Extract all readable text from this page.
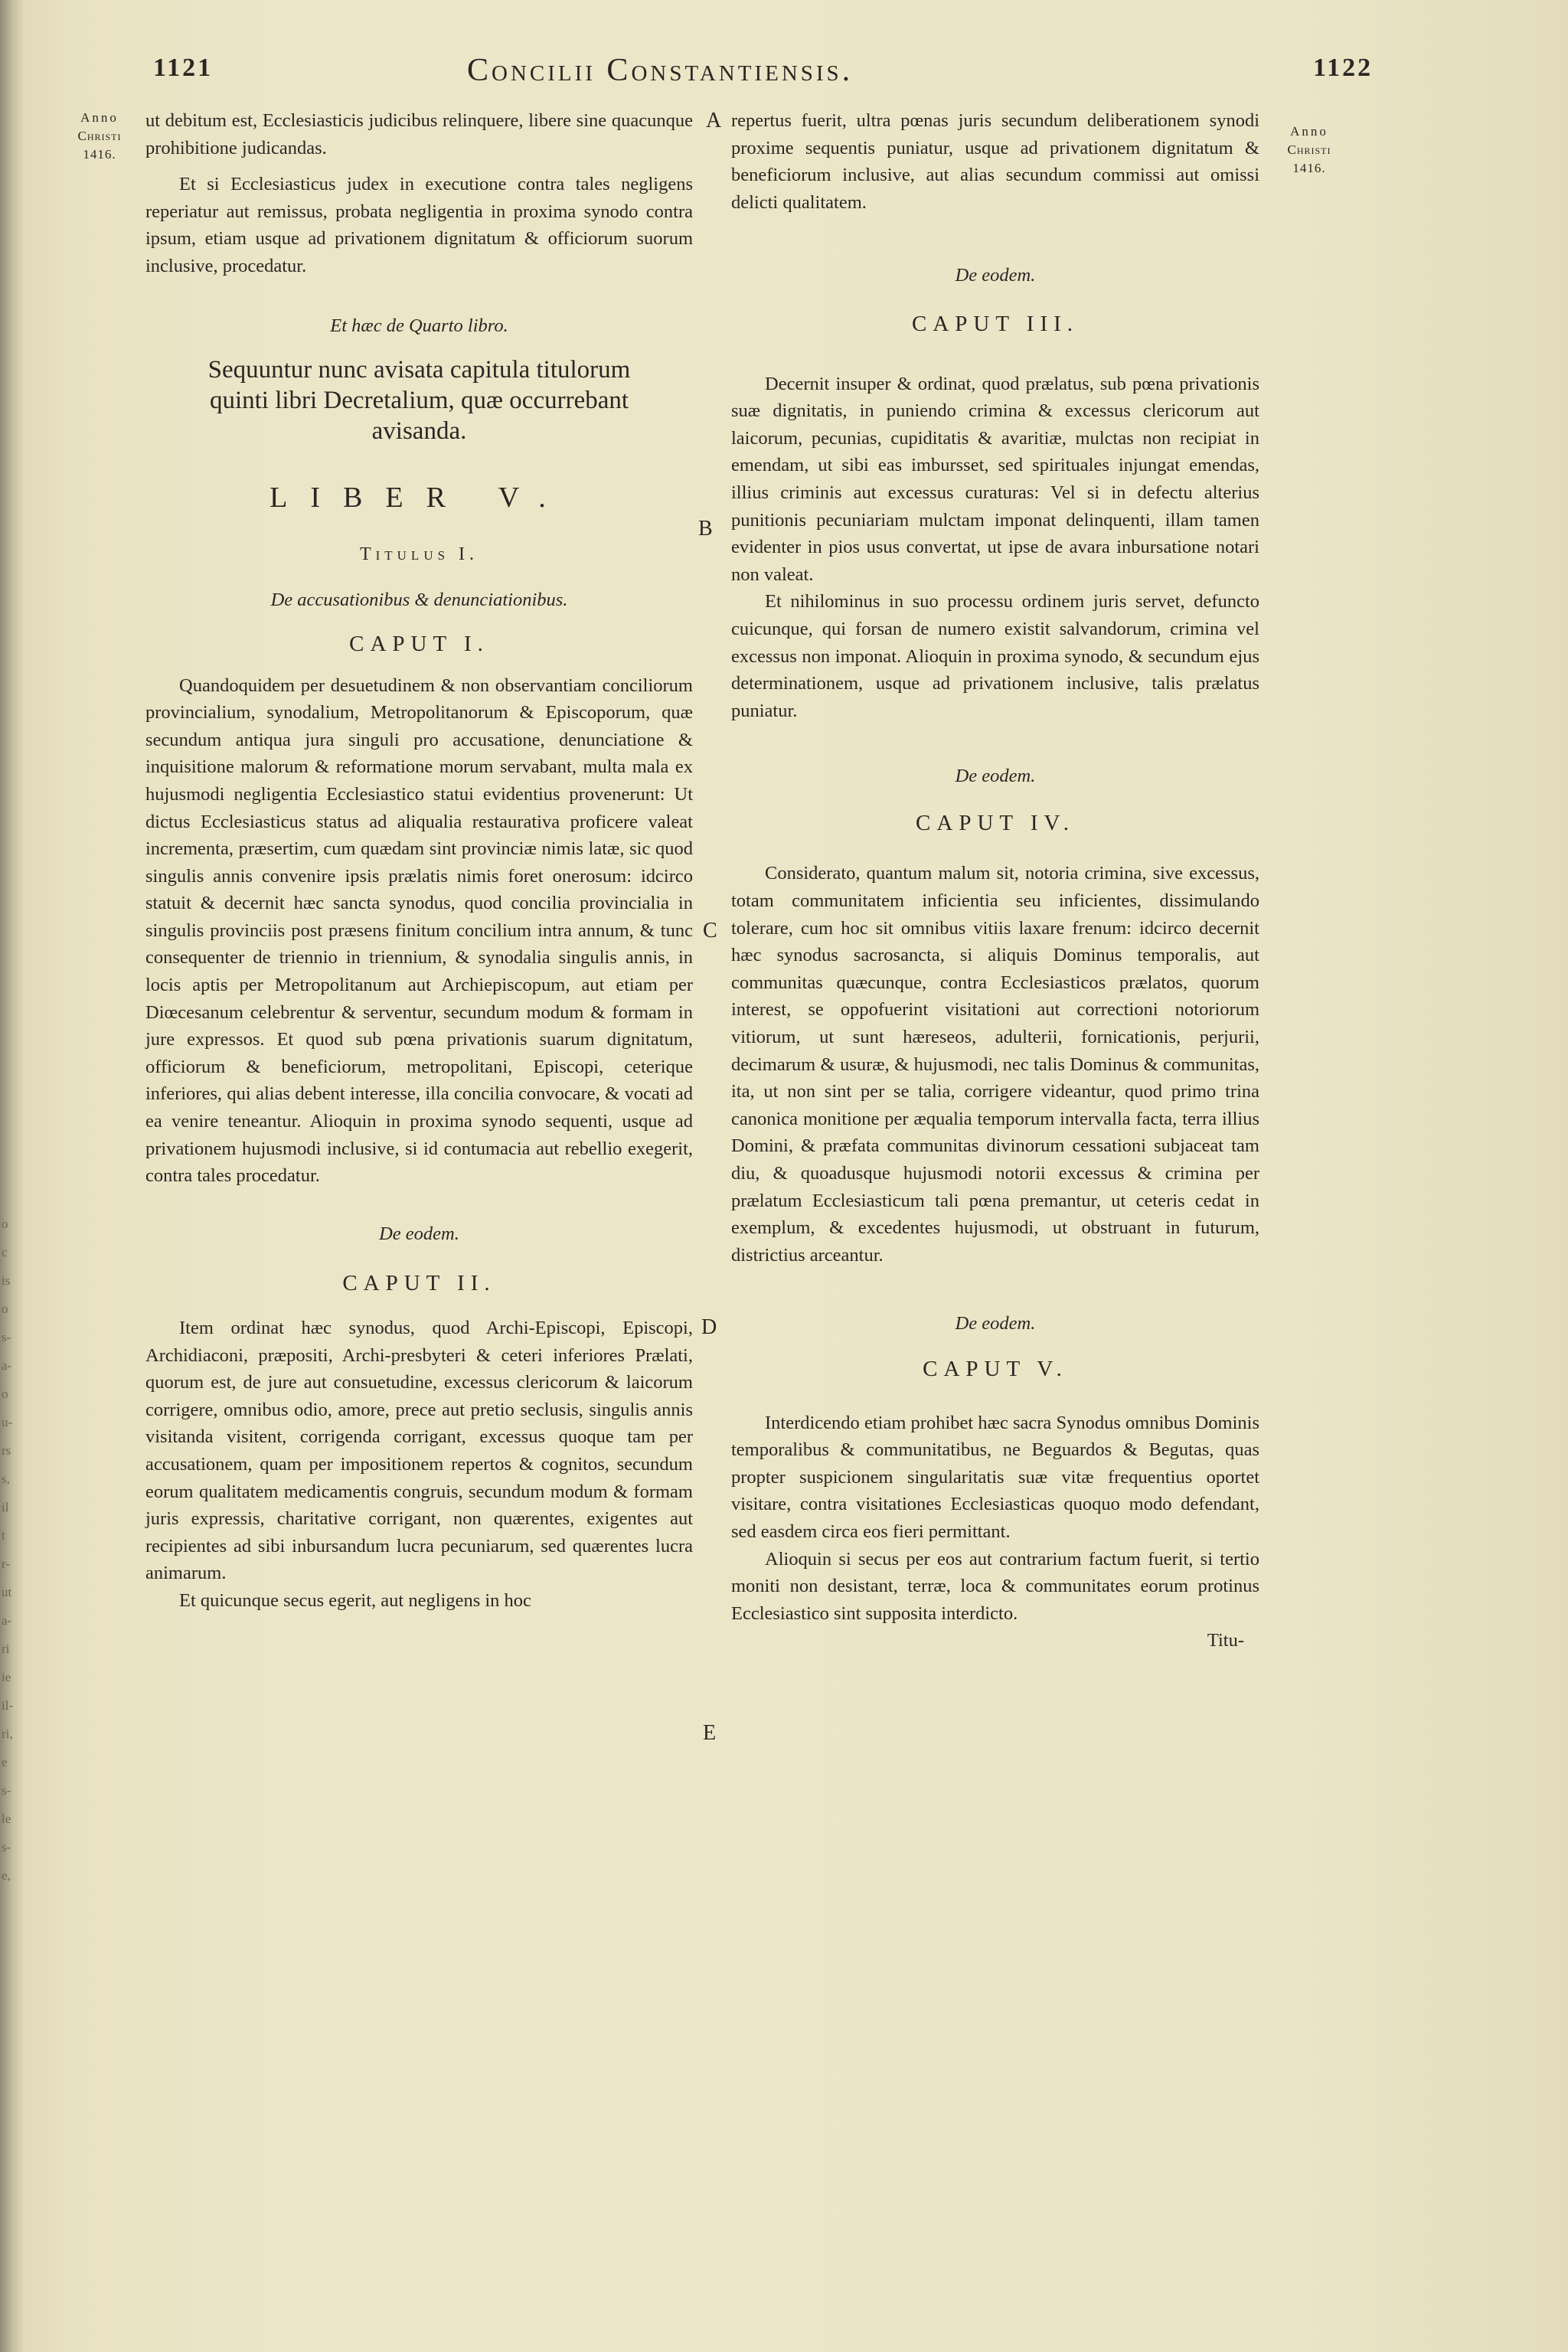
o
c
is
o
s-
a-
o
u-
rs
s,
il
t
r-
ut
a-
ri
ie
il-
ri,
e
s-
le
s-
e,
1121	Concilii Constantiensis.	1122
Anno
Christi
1416.
Anno
Christi
1416.
A
B
C
D
E

ut debitum est, Ecclesiasticis judicibus relinquere, libere sine quacunque prohibitione judicandas.

Et si Ecclesiasticus judex in executione contra tales negligens reperiatur aut remissus, probata negligentia in proxima synodo contra ipsum, etiam usque ad privationem dignitatum & officiorum suorum inclusive, procedatur.

Et hæc de Quarto libro.

Sequuntur nunc avisata capitula titulorum quinti libri Decretalium, quæ occurrebant avisanda.

LIBER V.

Titulus I.

De accusationibus & denunciationibus.

CAPUT I.

Quandoquidem per desuetudinem & non observantiam conciliorum provincialium, synodalium, Metropolitanorum & Episcoporum, quæ secundum antiqua jura singuli pro accusatione, denunciatione & inquisitione malorum & reformatione morum servabant, multa mala ex hujusmodi negligentia Ecclesiastico statui evidentius provenerunt: Ut dictus Ecclesiasticus status ad aliqualia restaurativa proficere valeat incrementa, præsertim, cum quædam sint provinciæ nimis latæ, sic quod singulis annis convenire ipsis prælatis nimis foret onerosum: idcirco statuit & decernit hæc sancta synodus, quod concilia provincialia in singulis provinciis post præsens finitum concilium intra annum, & tunc consequenter de triennio in triennium, & synodalia singulis annis, in locis aptis per Metropolitanum aut Archiepiscopum, aut etiam per Diœcesanum celebrentur & serventur, secundum modum & formam in jure expressos. Et quod sub pœna privationis suarum dignitatum, officiorum & beneficiorum, metropolitani, Episcopi, ceterique inferiores, qui alias debent interesse, illa concilia convocare, & vocati ad ea venire teneantur. Alioquin in proxima synodo sequenti, usque ad privationem hujusmodi inclusive, si id contumacia aut rebellio exegerit, contra tales procedatur.

De eodem.

CAPUT II.

Item ordinat hæc synodus, quod Archi-Episcopi, Episcopi, Archidiaconi, præpositi, Archi-presbyteri & ceteri inferiores Prælati, quorum est, de jure aut consuetudine, excessus clericorum & laicorum corrigere, omnibus odio, amore, prece aut pretio seclusis, singulis annis visitanda visitent, corrigenda corrigant, excessus quoque tam per accusationem, quam per impositionem repertos & cognitos, secundum eorum qualitatem medicamentis congruis, secundum modum & formam juris expressis, charitative corrigant, non quærentes, exigentes aut recipientes ad sibi inbursandum lucra pecuniarum, sed quærentes lucra animarum.

Et quicunque secus egerit, aut negligens in hoc

repertus fuerit, ultra pœnas juris secundum deliberationem synodi proxime sequentis puniatur, usque ad privationem dignitatum & beneficiorum inclusive, aut alias secundum commissi aut omissi delicti qualitatem.

De eodem.

CAPUT III.

Decernit insuper & ordinat, quod prælatus, sub pœna privationis suæ dignitatis, in puniendo crimina & excessus clericorum aut laicorum, pecunias, cupiditatis & avaritiæ, mulctas non recipiat in emendam, ut sibi eas imbursset, sed spirituales injungat emendas, illius criminis aut excessus curaturas: Vel si in defectu alterius punitionis pecuniariam mulctam imponat delinquenti, illam tamen evidenter in pios usus convertat, ut ipse de avara inbursatione notari non valeat.

Et nihilominus in suo processu ordinem juris servet, defuncto cuicunque, qui forsan de numero existit salvandorum, crimina vel excessus non imponat. Alioquin in proxima synodo, & secundum ejus determinationem, usque ad privationem inclusive, talis prælatus puniatur.

De eodem.

CAPUT IV.

Considerato, quantum malum sit, notoria crimina, sive excessus, totam communitatem inficientia seu inficientes, dissimulando tolerare, cum hoc sit omnibus vitiis laxare frenum: idcirco decernit hæc synodus sacrosancta, si aliquis Dominus temporalis, aut communitas quæcunque, contra Ecclesiasticos prælatos, quorum interest, se oppofuerint visitationi aut correctioni notoriorum vitiorum, ut sunt hæreseos, adulterii, fornicationis, perjurii, decimarum & usuræ, & hujusmodi, nec talis Dominus & communitas, ita, ut non sint per se talia, corrigere videantur, quod primo trina canonica monitione per æqualia temporum intervalla facta, terra illius Domini, & præfata communitas divinorum cessationi subjaceat tam diu, & quoadusque hujusmodi notorii excessus & crimina per prælatum Ecclesiasticum tali pœna premantur, ut ceteris cedat in exemplum, & excedentes hujusmodi, ut obstruant in futurum, districtius arceantur.

De eodem.

CAPUT V.

Interdicendo etiam prohibet hæc sacra Synodus omnibus Dominis temporalibus & communitatibus, ne Beguardos & Begutas, quas propter suspicionem singularitatis suæ vitæ frequentius oportet visitare, contra visitationes Ecclesiasticas quoquo modo defendant, sed easdem circa eos fieri permittant.

Alioquin si secus per eos aut contrarium factum fuerit, si tertio moniti non desistant, terræ, loca & communitates eorum protinus Ecclesiastico sint supposita interdicto.

Titu-
